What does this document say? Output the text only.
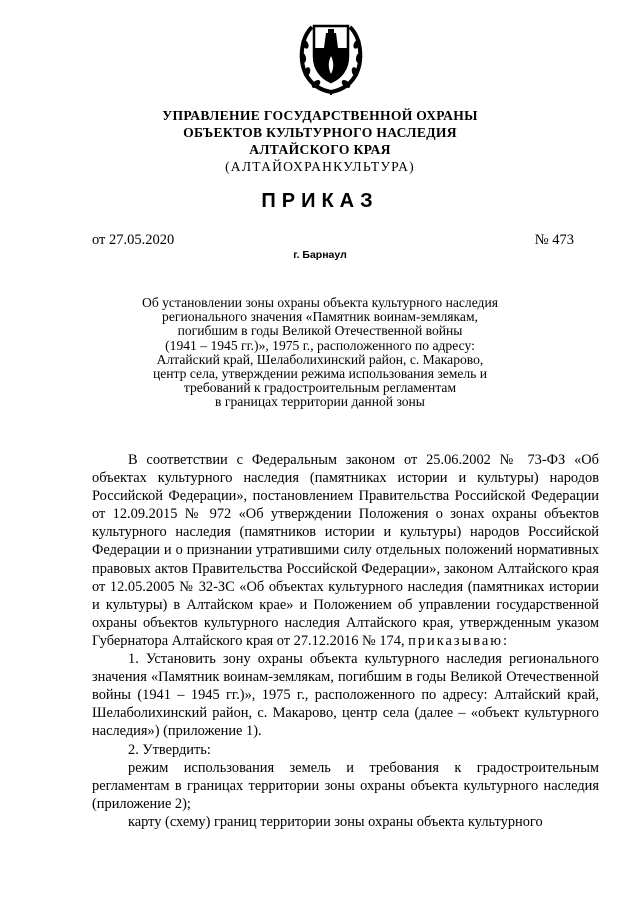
УПРАВЛЕНИЕ ГОСУДАРСТВЕННОЙ ОХРАНЫ
ОБЪЕКТОВ КУЛЬТУРНОГО НАСЛЕДИЯ
АЛТАЙСКОГО КРАЯ
(АЛТАЙОХРАНКУЛЬТУРА)
ПРИКАЗ
от 27.05.2020	№ 473
г. Барнаул
Об установлении зоны охраны объекта культурного наследия
регионального значения «Памятник воинам-землякам,
погибшим в годы Великой Отечественной войны
(1941 – 1945 гг.)», 1975 г., расположенного по адресу:
Алтайский край, Шелаболихинский район, с. Макарово,
центр села, утверждении режима использования земель и
требований к градостроительным регламентам
в границах территории данной зоны

В соответствии с Федеральным законом от 25.06.2002 № 73-ФЗ «Об объектах культурного наследия (памятниках истории и культуры) народов Российской Федерации», постановлением Правительства Российской Федерации от 12.09.2015 № 972 «Об утверждении Положения о зонах охраны объектов культурного наследия (памятников истории и культуры) народов Российской Федерации и о признании утратившими силу отдельных положений нормативных правовых актов Правительства Российской Федерации», законом Алтайского края от 12.05.2005 № 32-ЗС «Об объектах культурного наследия (памятниках истории и культуры) в Алтайском крае» и Положением об управлении государственной охраны объектов культурного наследия Алтайского края, утвержденным указом Губернатора Алтайского края от 27.12.2016 № 174, приказываю:

1. Установить зону охраны объекта культурного наследия регионального значения «Памятник воинам-землякам, погибшим в годы Великой Отечественной войны (1941 – 1945 гг.)», 1975 г., расположенного по адресу: Алтайский край, Шелаболихинский район, с. Макарово, центр села (далее – «объект культурного наследия») (приложение 1).

2. Утвердить:

режим использования земель и требования к градостроительным регламентам в границах территории зоны охраны объекта культурного наследия (приложение 2);

карту (схему) границ территории зоны охраны объекта культурного
